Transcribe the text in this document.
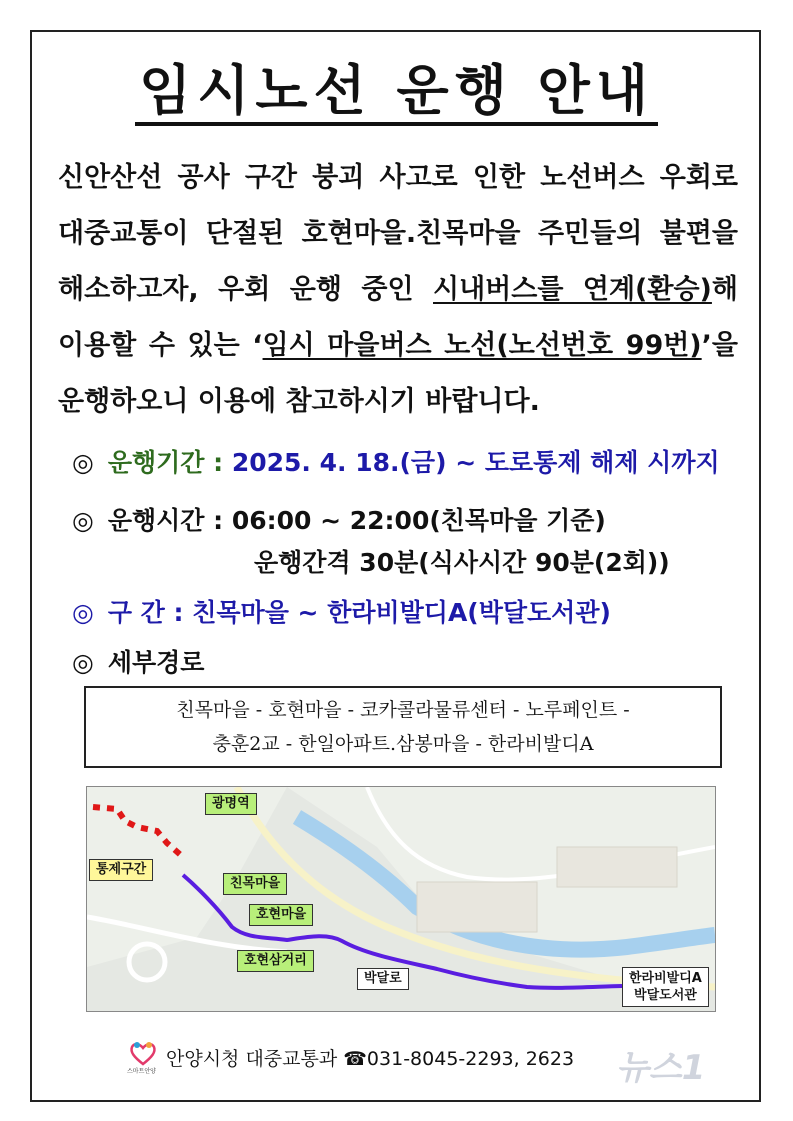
임시노선 운행 안내
신안산선 공사 구간 붕괴 사고로 인한 노선버스 우회로
대중교통이 단절된 호현마을.친목마을 주민들의 불편을
해소하고자, 우회 운행 중인 시내버스를 연계(환승)해
이용할 수 있는 ‘임시 마을버스 노선(노선번호 99번)’을
운행하오니 이용에 참고하시기 바랍니다.
◎ 운행기간 : 2025. 4. 18.(금) ~ 도로통제 해제 시까지
◎ 운행시간 : 06:00 ~ 22:00(친목마을 기준)
운행간격 30분(식사시간 90분(2회))
◎ 구 간 : 친목마을 ~ 한라비발디A(박달도서관)
◎ 세부경로
친목마을 - 호현마을 - 코카콜라물류센터 - 노루페인트 -
충훈2교 - 한일아파트.삼봉마을 - 한라비발디A
광명역
통제구간
친목마을
호현마을
호현삼거리
박달로	한라비발디A
박달도서관
스마트안양
안양시청 대중교통과 ☎031-8045-2293, 2623 뉴스1
